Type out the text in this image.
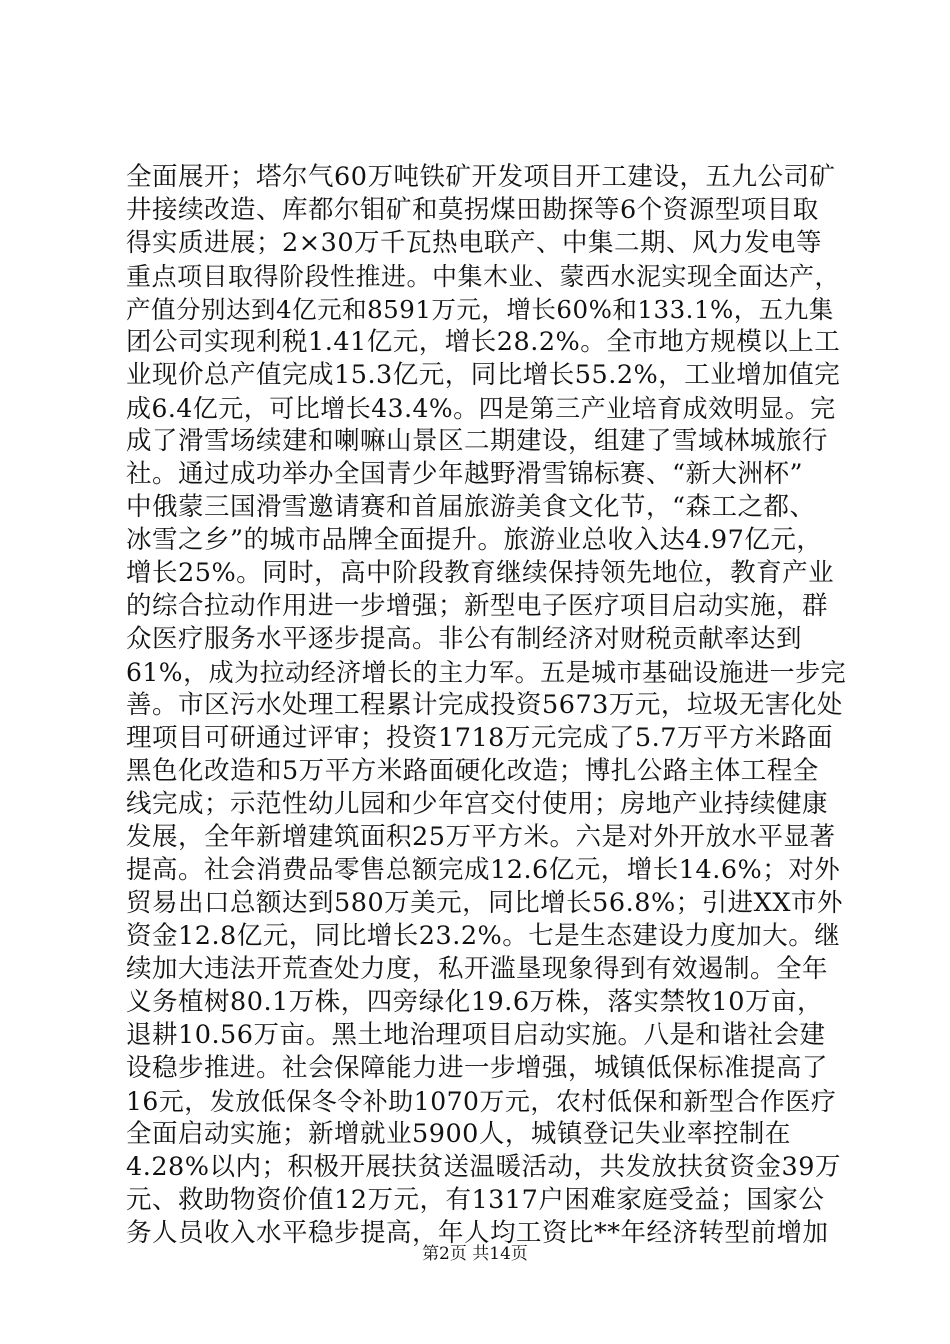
全面展开；塔尔气60万吨铁矿开发项目开工建设，五九公司矿
井接续改造、库都尔钼矿和莫拐煤田勘探等6个资源型项目取
得实质进展；2×30万千瓦热电联产、中集二期、风力发电等
重点项目取得阶段性推进。中集木业、蒙西水泥实现全面达产，
产值分别达到4亿元和8591万元，增长60%和133.1%，五九集
团公司实现利税1.41亿元，增长28.2%。全市地方规模以上工
业现价总产值完成15.3亿元，同比增长55.2%，工业增加值完
成6.4亿元，可比增长43.4%。四是第三产业培育成效明显。完
成了滑雪场续建和喇嘛山景区二期建设，组建了雪域林城旅行
社。通过成功举办全国青少年越野滑雪锦标赛、“新大洲杯”
中俄蒙三国滑雪邀请赛和首届旅游美食文化节，“森工之都、
冰雪之乡”的城市品牌全面提升。旅游业总收入达4.97亿元，
增长25%。同时，高中阶段教育继续保持领先地位，教育产业
的综合拉动作用进一步增强；新型电子医疗项目启动实施，群
众医疗服务水平逐步提高。非公有制经济对财税贡献率达到
61%，成为拉动经济增长的主力军。五是城市基础设施进一步完
善。市区污水处理工程累计完成投资5673万元，垃圾无害化处
理项目可研通过评审；投资1718万元完成了5.7万平方米路面
黑色化改造和5万平方米路面硬化改造；博扎公路主体工程全
线完成；示范性幼儿园和少年宫交付使用；房地产业持续健康
发展，全年新增建筑面积25万平方米。六是对外开放水平显著
提高。社会消费品零售总额完成12.6亿元，增长14.6%；对外
贸易出口总额达到580万美元，同比增长56.8%；引进XX市外
资金12.8亿元，同比增长23.2%。七是生态建设力度加大。继
续加大违法开荒查处力度，私开滥垦现象得到有效遏制。全年
义务植树80.1万株，四旁绿化19.6万株，落实禁牧10万亩，
退耕10.56万亩。黑土地治理项目启动实施。八是和谐社会建
设稳步推进。社会保障能力进一步增强，城镇低保标准提高了
16元，发放低保冬令补助1070万元，农村低保和新型合作医疗
全面启动实施；新增就业5900人，城镇登记失业率控制在
4.28%以内；积极开展扶贫送温暖活动，共发放扶贫资金39万
元、救助物资价值12万元，有1317户困难家庭受益；国家公
务人员收入水平稳步提高，年人均工资比**年经济转型前增加
第2页 共14页
